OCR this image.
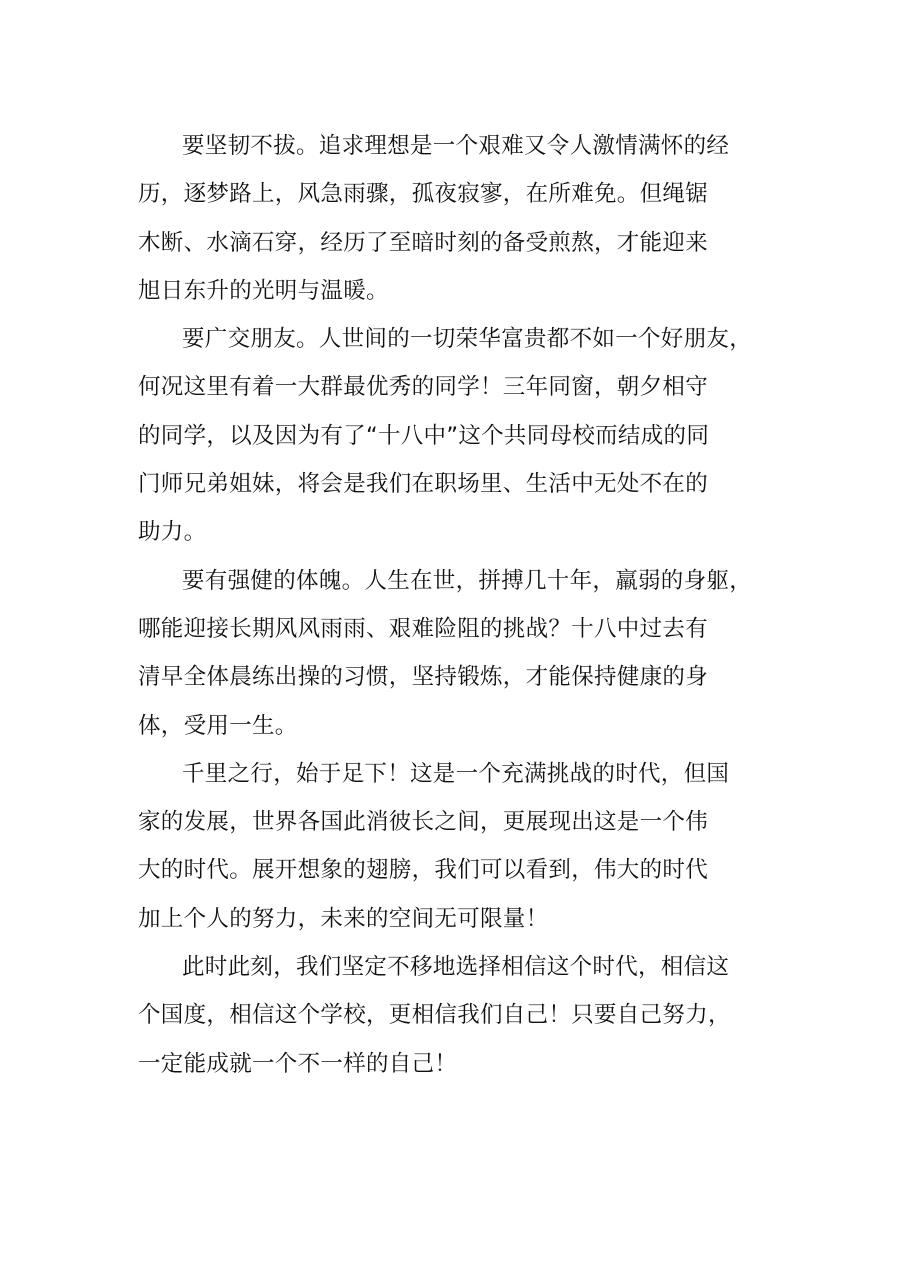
要坚韧不拔。追求理想是一个艰难又令人激情满怀的经
历，逐梦路上，风急雨骤，孤夜寂寥，在所难免。但绳锯
木断、水滴石穿，经历了至暗时刻的备受煎熬，才能迎来
旭日东升的光明与温暖。

要广交朋友。人世间的一切荣华富贵都不如一个好朋友，
何况这里有着一大群最优秀的同学！三年同窗，朝夕相守
的同学，以及因为有了“十八中”这个共同母校而结成的同
门师兄弟姐妹，将会是我们在职场里、生活中无处不在的
助力。

要有强健的体魄。人生在世，拼搏几十年，羸弱的身躯，
哪能迎接长期风风雨雨、艰难险阻的挑战？十八中过去有
清早全体晨练出操的习惯，坚持锻炼，才能保持健康的身
体，受用一生。

千里之行，始于足下！这是一个充满挑战的时代，但国
家的发展，世界各国此消彼长之间，更展现出这是一个伟
大的时代。展开想象的翅膀，我们可以看到，伟大的时代
加上个人的努力，未来的空间无可限量！

此时此刻，我们坚定不移地选择相信这个时代，相信这
个国度，相信这个学校，更相信我们自己！只要自己努力，
一定能成就一个不一样的自己！
